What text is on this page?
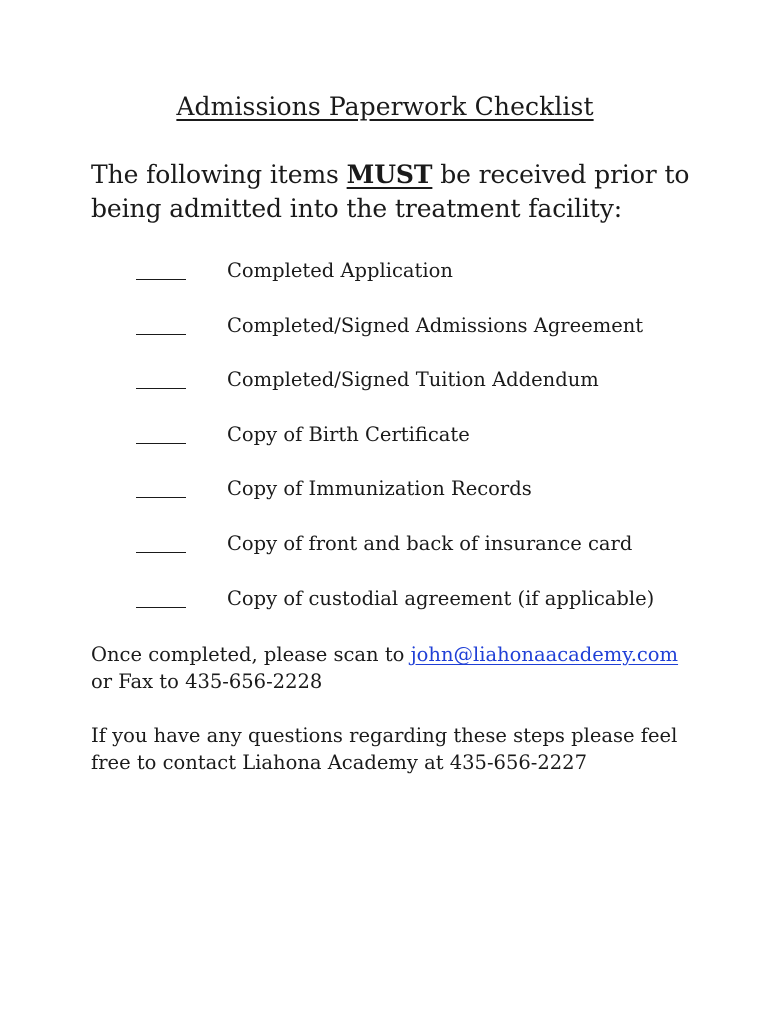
Admissions Paperwork Checklist
The following items MUST be received prior to being admitted into the treatment facility:
Completed Application
Completed/Signed Admissions Agreement
Completed/Signed Tuition Addendum
Copy of Birth Certificate
Copy of Immunization Records
Copy of front and back of insurance card
Copy of custodial agreement (if applicable)
Once completed, please scan to john@liahonaacademy.com
or Fax to 435-656-2228
If you have any questions regarding these steps please feel free to contact Liahona Academy at 435-656-2227
